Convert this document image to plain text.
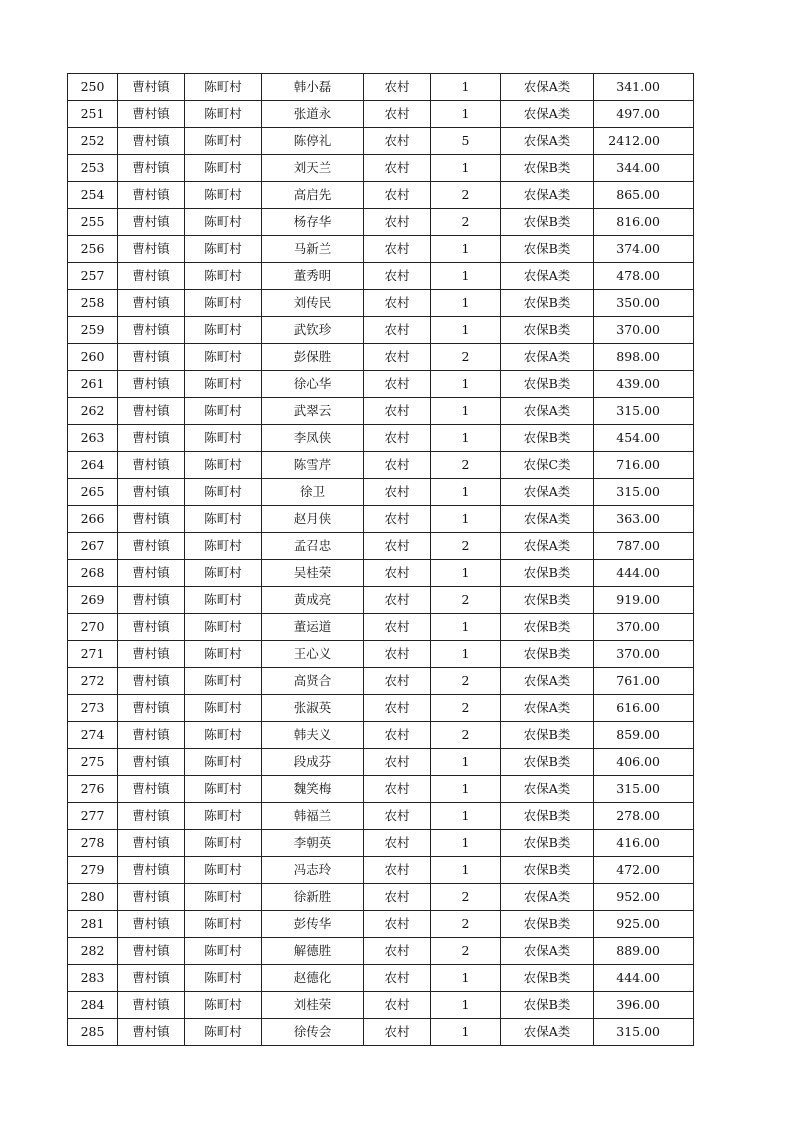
250	曹村镇	陈町村	韩小磊	农村	1	农保A类	341.00
251	曹村镇	陈町村	张道永	农村	1	农保A类	497.00
252	曹村镇	陈町村	陈停礼	农村	5	农保A类	2412.00
253	曹村镇	陈町村	刘天兰	农村	1	农保B类	344.00
254	曹村镇	陈町村	高启先	农村	2	农保A类	865.00
255	曹村镇	陈町村	杨存华	农村	2	农保B类	816.00
256	曹村镇	陈町村	马新兰	农村	1	农保B类	374.00
257	曹村镇	陈町村	董秀明	农村	1	农保A类	478.00
258	曹村镇	陈町村	刘传民	农村	1	农保B类	350.00
259	曹村镇	陈町村	武钦珍	农村	1	农保B类	370.00
260	曹村镇	陈町村	彭保胜	农村	2	农保A类	898.00
261	曹村镇	陈町村	徐心华	农村	1	农保B类	439.00
262	曹村镇	陈町村	武翠云	农村	1	农保A类	315.00
263	曹村镇	陈町村	李凤侠	农村	1	农保B类	454.00
264	曹村镇	陈町村	陈雪芹	农村	2	农保C类	716.00
265	曹村镇	陈町村	徐卫	农村	1	农保A类	315.00
266	曹村镇	陈町村	赵月侠	农村	1	农保A类	363.00
267	曹村镇	陈町村	孟召忠	农村	2	农保A类	787.00
268	曹村镇	陈町村	吴桂荣	农村	1	农保B类	444.00
269	曹村镇	陈町村	黄成亮	农村	2	农保B类	919.00
270	曹村镇	陈町村	董运道	农村	1	农保B类	370.00
271	曹村镇	陈町村	王心义	农村	1	农保B类	370.00
272	曹村镇	陈町村	高贤合	农村	2	农保A类	761.00
273	曹村镇	陈町村	张淑英	农村	2	农保A类	616.00
274	曹村镇	陈町村	韩夫义	农村	2	农保B类	859.00
275	曹村镇	陈町村	段成芬	农村	1	农保B类	406.00
276	曹村镇	陈町村	魏笑梅	农村	1	农保A类	315.00
277	曹村镇	陈町村	韩福兰	农村	1	农保B类	278.00
278	曹村镇	陈町村	李朝英	农村	1	农保B类	416.00
279	曹村镇	陈町村	冯志玲	农村	1	农保B类	472.00
280	曹村镇	陈町村	徐新胜	农村	2	农保A类	952.00
281	曹村镇	陈町村	彭传华	农村	2	农保B类	925.00
282	曹村镇	陈町村	解德胜	农村	2	农保A类	889.00
283	曹村镇	陈町村	赵德化	农村	1	农保B类	444.00
284	曹村镇	陈町村	刘桂荣	农村	1	农保B类	396.00
285	曹村镇	陈町村	徐传会	农村	1	农保A类	315.00
